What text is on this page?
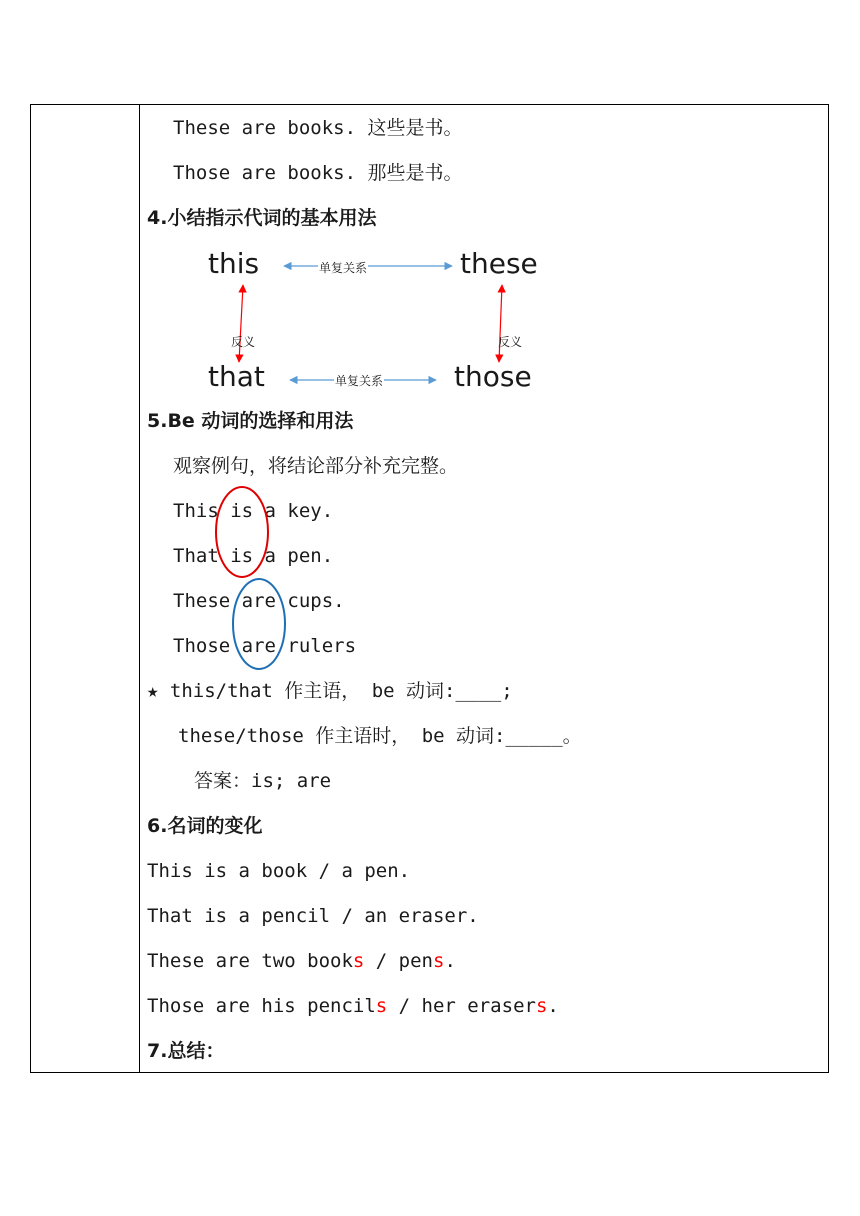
These are books. 这些是书。
Those are books. 那些是书。
4.小结指示代词的基本用法
this	these
that	those
单复关系
单复关系
反义	反义
5.Be 动词的选择和用法
观察例句，将结论部分补充完整。
This is a key.
That is a pen.
These are cups.
Those are rulers
★ this/that 作主语， be 动词:____;
these/those 作主语时， be 动词:_____。
答案：is; are
6.名词的变化
This is a book / a pen.
That is a pencil / an eraser.
These are two books / pens.
Those are his pencils / her erasers.
7.总结：
